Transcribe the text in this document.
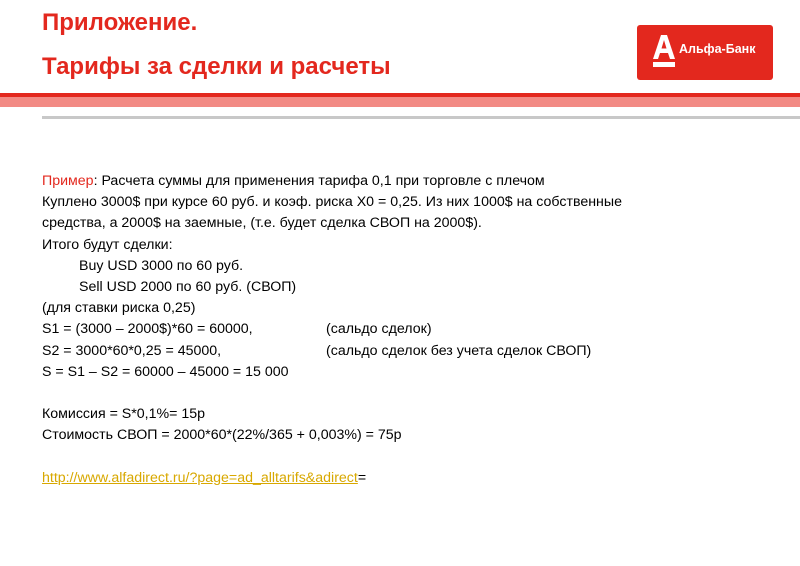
Приложение.
Тарифы за сделки и расчеты
Альфа-Банк
Пример: Расчета суммы для применения тарифа 0,1 при торговле с плечом
Куплено 3000$ при курсе 60 руб. и коэф. риска Х0 = 0,25. Из них 1000$ на собственные
средства, а 2000$ на заемные, (т.е. будет сделка СВОП на 2000$).
Итого будут сделки:
Buy USD 3000 по 60 руб.
Sell USD 2000 по 60 руб. (СВОП)
(для ставки риска 0,25)
S1 = (3000 – 2000$)*60 = 60000,	(сальдо сделок)
S2 = 3000*60*0,25 = 45000,	(сальдо сделок без учета сделок СВОП)
S = S1 – S2 = 60000 – 45000 = 15 000
Комиссия = S*0,1%= 15р
Стоимость СВОП = 2000*60*(22%/365 + 0,003%) = 75р
http://www.alfadirect.ru/?page=ad_alltarifs&adirect=
